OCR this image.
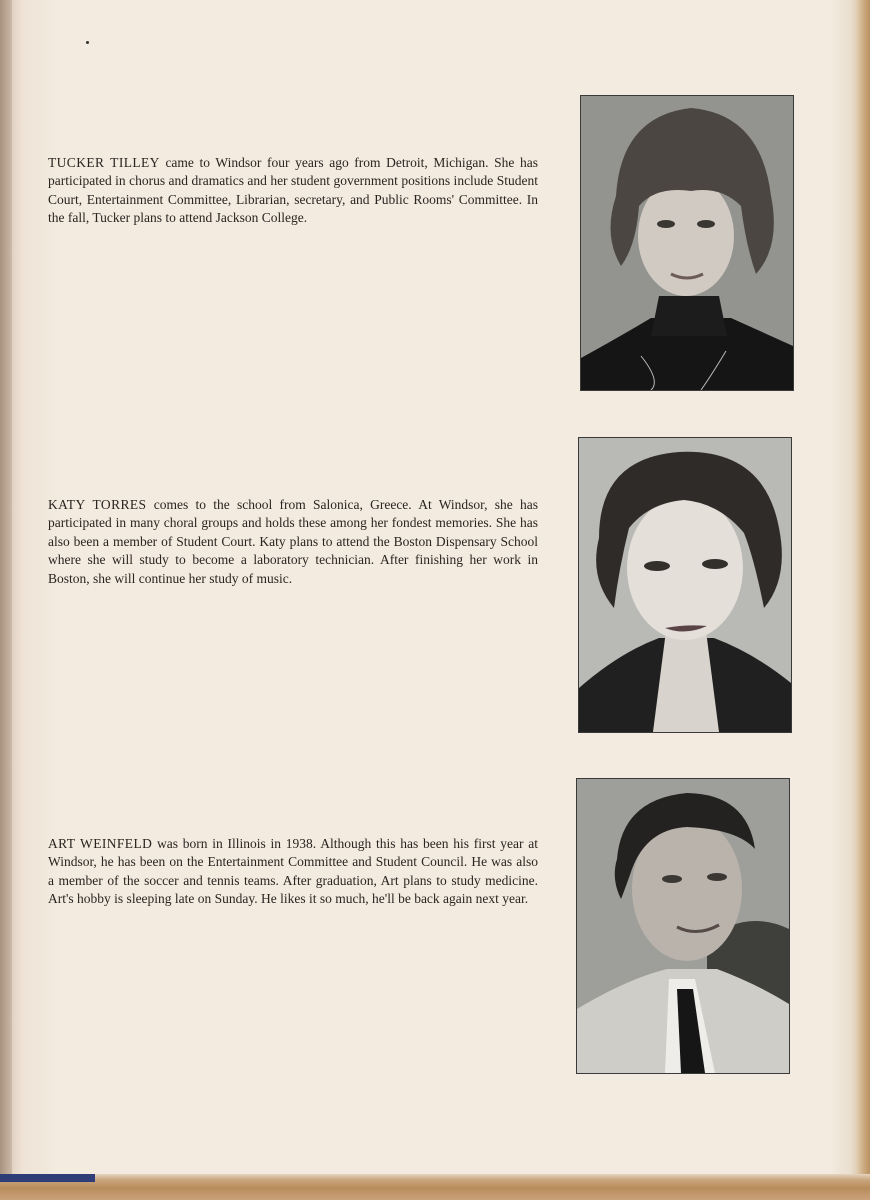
TUCKER TILLEY came to Windsor four years ago from Detroit, Michigan. She has participated in chorus and dramatics and her student government positions include Student Court, Entertainment Committee, Librarian, secretary, and Public Rooms' Committee. In the fall, Tucker plans to attend Jackson College.

KATY TORRES comes to the school from Salonica, Greece. At Windsor, she has participated in many choral groups and holds these among her fondest memories. She has also been a member of Student Court. Katy plans to attend the Boston Dispensary School where she will study to become a laboratory technician. After finishing her work in Boston, she will continue her study of music.

ART WEINFELD was born in Illinois in 1938. Although this has been his first year at Windsor, he has been on the Entertainment Committee and Student Council. He was also a member of the soccer and tennis teams. After graduation, Art plans to study medicine. Art's hobby is sleeping late on Sunday. He likes it so much, he'll be back again next year.
